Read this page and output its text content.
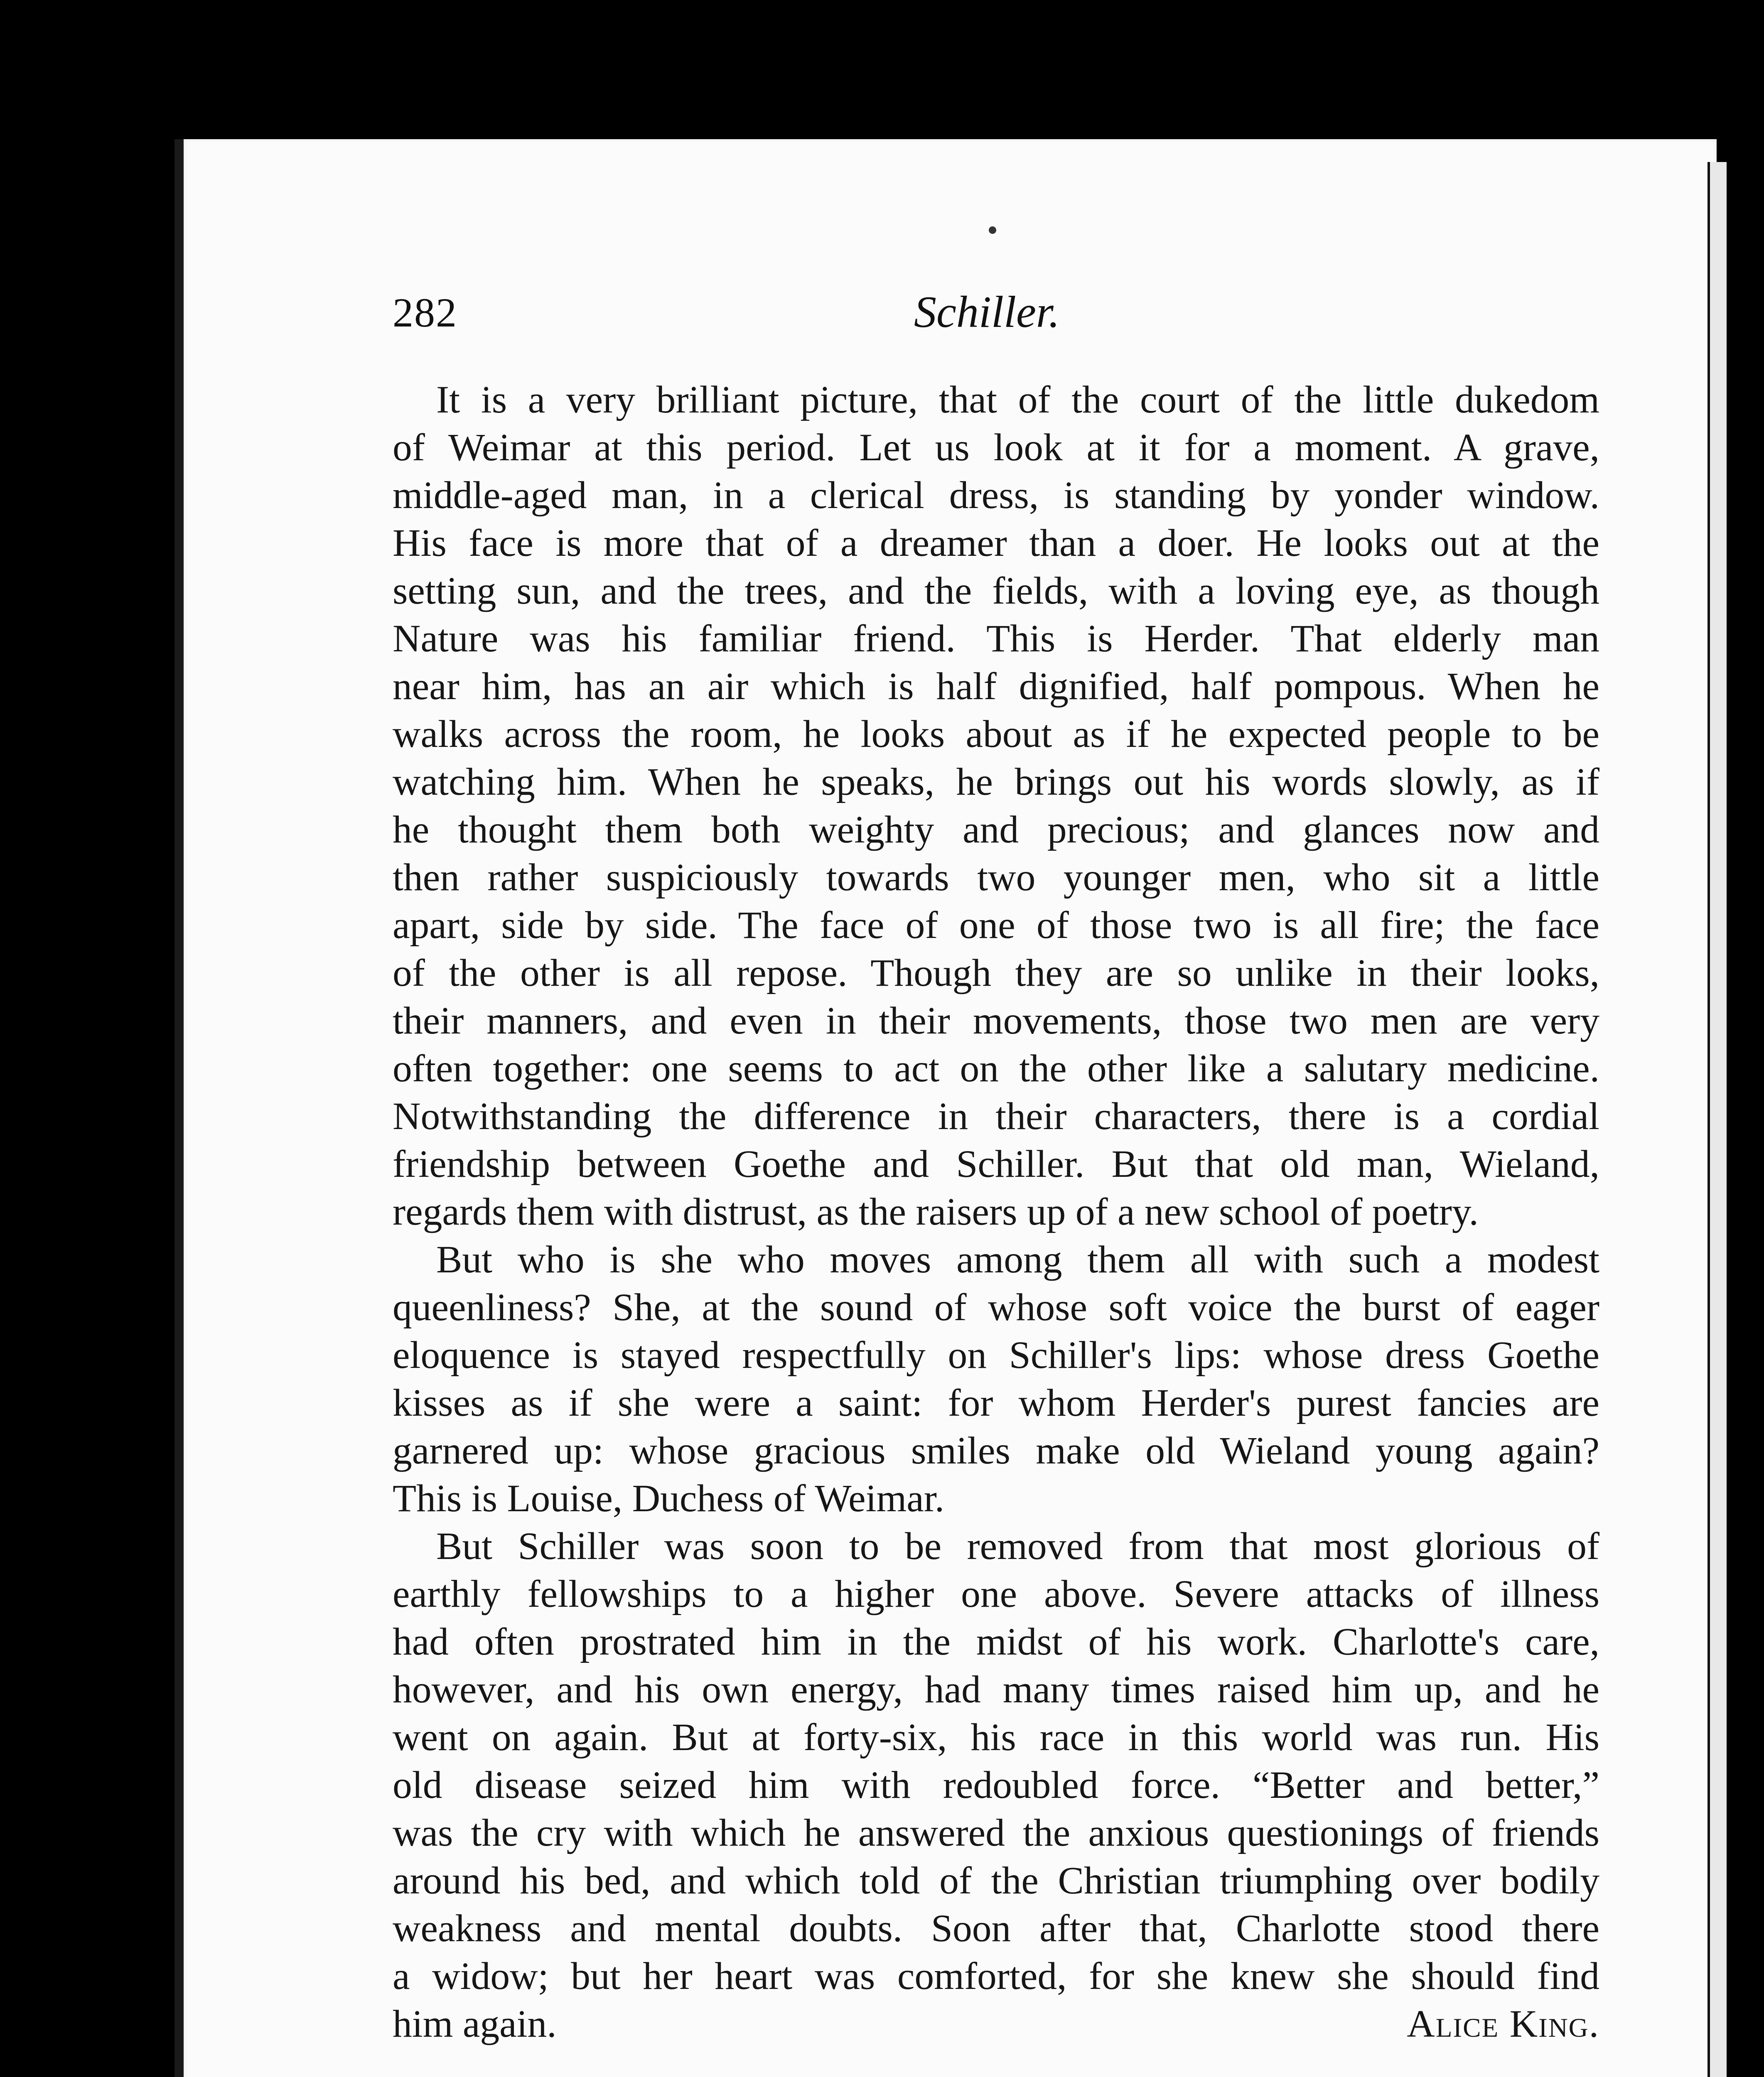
282	Schiller.
It is a very brilliant picture, that of the court of the little dukedom
of Weimar at this period. Let us look at it for a moment. A grave,
middle-aged man, in a clerical dress, is standing by yonder window.
His face is more that of a dreamer than a doer. He looks out at the
setting sun, and the trees, and the fields, with a loving eye, as though
Nature was his familiar friend. This is Herder. That elderly man
near him, has an air which is half dignified, half pompous. When he
walks across the room, he looks about as if he expected people to be
watching him. When he speaks, he brings out his words slowly, as if
he thought them both weighty and precious; and glances now and
then rather suspiciously towards two younger men, who sit a little
apart, side by side. The face of one of those two is all fire; the face
of the other is all repose. Though they are so unlike in their looks,
their manners, and even in their movements, those two men are very
often together: one seems to act on the other like a salutary medicine.
Notwithstanding the difference in their characters, there is a cordial
friendship between Goethe and Schiller. But that old man, Wieland,
regards them with distrust, as the raisers up of a new school of poetry.
But who is she who moves among them all with such a modest
queenliness? She, at the sound of whose soft voice the burst of eager
eloquence is stayed respectfully on Schiller's lips: whose dress Goethe
kisses as if she were a saint: for whom Herder's purest fancies are
garnered up: whose gracious smiles make old Wieland young again?
This is Louise, Duchess of Weimar.
But Schiller was soon to be removed from that most glorious of
earthly fellowships to a higher one above. Severe attacks of illness
had often prostrated him in the midst of his work. Charlotte's care,
however, and his own energy, had many times raised him up, and he
went on again. But at forty-six, his race in this world was run. His
old disease seized him with redoubled force. “Better and better,”
was the cry with which he answered the anxious questionings of friends
around his bed, and which told of the Christian triumphing over bodily
weakness and mental doubts. Soon after that, Charlotte stood there
a widow; but her heart was comforted, for she knew she should find
him again.	Alice King.
